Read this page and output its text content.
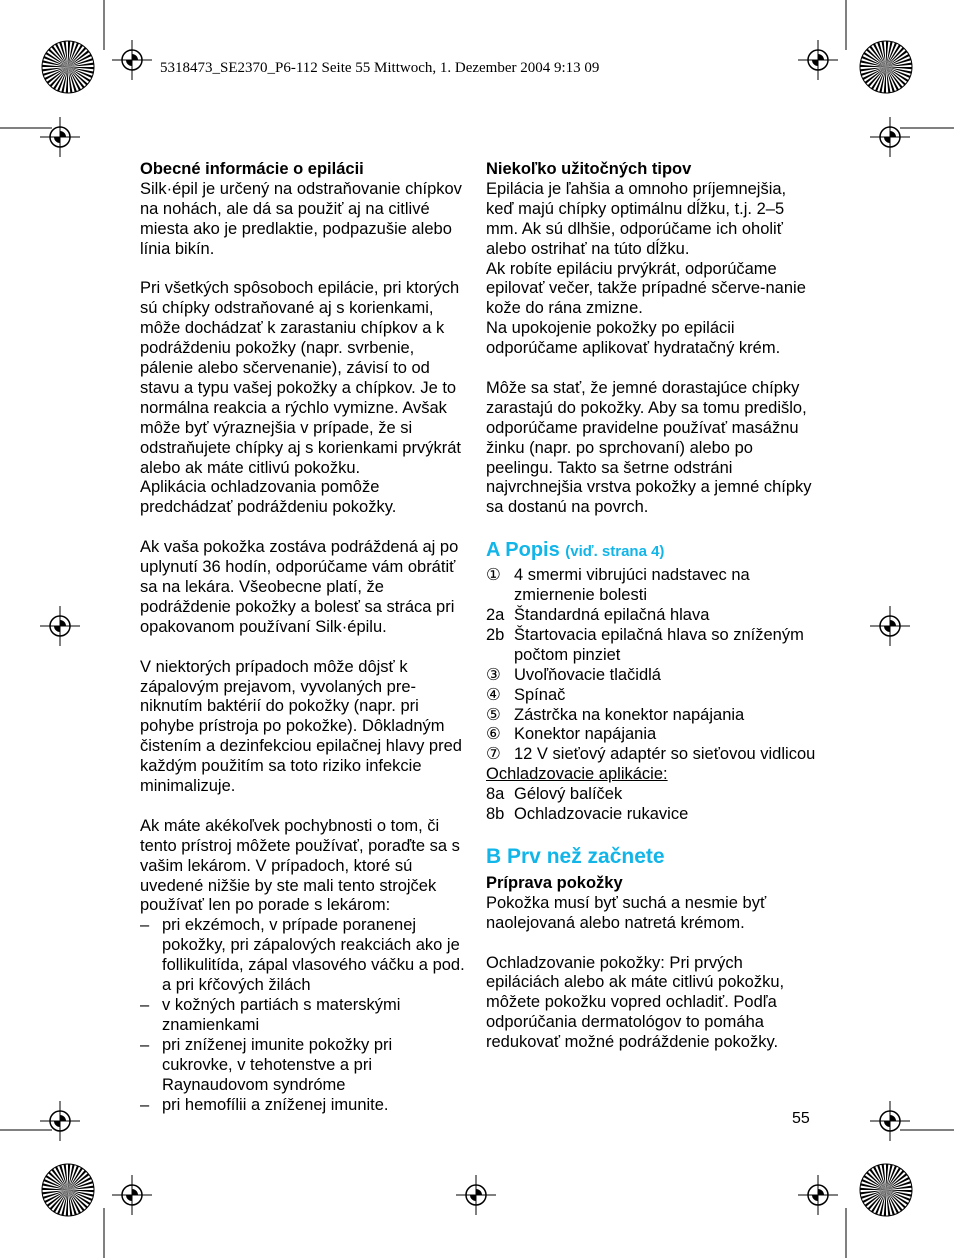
5318473_SE2370_P6-112 Seite 55 Mittwoch, 1. Dezember 2004 9:13 09
Obecné informácie o epilácii

Silk·épil je určený na odstraňovanie chípkov na nohách, ale dá sa použiť aj na citlivé miesta ako je predlaktie, podpazušie alebo línia bikín.

Pri všetkých spôsoboch epilácie, pri ktorých sú chípky odstraňované aj s korienkami, môže dochádzať k zarastaniu chípkov a k podráždeniu pokožky (napr. svrbenie, pálenie alebo sčervenanie), závisí to od stavu a typu vašej pokožky a chípkov. Je to normálna reakcia a rýchlo vymizne. Avšak môže byť výraznejšia v prípade, že si odstraňujete chípky aj s korienkami prvýkrát alebo ak máte citlivú pokožku.

Aplikácia ochladzovania pomôže predchádzať podráždeniu pokožky.

Ak vaša pokožka zostáva podráždená aj po uplynutí 36 hodín, odporúčame vám obrátiť sa na lekára. Všeobecne platí, že podráždenie pokožky a bolesť sa stráca pri opakovanom používaní Silk·épilu.

V niektorých prípadoch môže dôjsť k zápalovým prejavom, vyvolaných pre-niknutím baktérií do pokožky (napr. pri pohybe prístroja po pokožke). Dôkladným čistením a dezinfekciou epilačnej hlavy pred každým použitím sa toto riziko infekcie minimalizuje.

Ak máte akékoľvek pochybnosti o tom, či tento prístroj môžete používať, poraďte sa s vašim lekárom. V prípadoch, ktoré sú uvedené nižšie by ste mali tento strojček používať len po porade s lekárom:
– pri ekzémoch, v prípade poranenej pokožky, pri zápalových reakciách ako je follikulitída, zápal vlasového váčku a pod. a pri kŕčových žilách
– v kožných partiách s materskými znamienkami
– pri zníženej imunite pokožky pri cukrovke, v tehotenstve a pri Raynaudovom syndróme
– pri hemofílii a zníženej imunite.
Niekoľko užitočných tipov
Epilácia je ľahšia a omnoho príjemnejšia, keď majú chípky optimálnu dĺžku, t.j. 2–5 mm. Ak sú dlhšie, odporúčame ich oholiť alebo ostrihať na túto dĺžku.
Ak robíte epiláciu prvýkrát, odporúčame epilovať večer, takže prípadné sčerve-nanie kože do rána zmizne.

Na upokojenie pokožky po epilácii odporúčame aplikovať hydratačný krém.

Môže sa stať, že jemné dorastajúce chípky zarastajú do pokožky. Aby sa tomu predišlo, odporúčame pravidelne používať masážnu žinku (napr. po sprchovaní) alebo po peelingu. Takto sa šetrne odstráni najvrchnejšia vrstva pokožky a jemné chípky sa dostanú na povrch.

A Popis (viď. strana 4)
① 4 smermi vibrujúci nadstavec na zmiernenie bolesti
2a Štandardná epilačná hlava
2b Štartovacia epilačná hlava so zníženým počtom pinziet
③ Uvoľňovacie tlačidlá
④ Spínač
⑤ Zástrčka na konektor napájania
⑥ Konektor napájania
⑦ 12 V sieťový adaptér so sieťovou vidlicou
Ochladzovacie aplikácie:
8a Gélový balíček
8b Ochladzovacie rukavice
B Prv než začnete
Príprava pokožky

Pokožka musí byť suchá a nesmie byť naolejovaná alebo natretá krémom.

Ochladzovanie pokožky: Pri prvých epiláciách alebo ak máte citlivú pokožku, môžete pokožku vopred ochladiť. Podľa odporúčania dermatológov to pomáha redukovať možné podráždenie pokožky.

55
